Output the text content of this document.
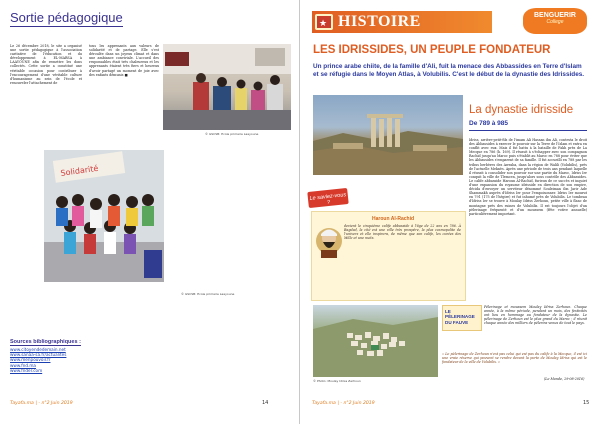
Sortie pédagogique
Le 26 décembre 2018, le site a organisé une sortie pédagogique à l'association caritative de l'éducation et du développement à EL-MARSA à LAAYOUNE afin de remettre les dons collectés. Cette sortie a constitué une véritable occasion pour contribuer à l'encouragement d'une véritable culture d'humanisme au sein de l'école et renouveler l'attachement de
tous les apprenants aux valeurs de solidarité et de partage. Elle s'est déroulée dans un joyeux climat et dans une ambiance conviviale. L'accueil des responsables était très chaleureux et les apprenants étaient très fiers et heureux d'avoir partagé un moment de joie avec des enfants démunis ■
© GSCSB: Ecole primaire Laayoune
Solidarité
© GSCSB: Ecole primaire Laayoune
Sources bibliographiques :
www.citoyendedemain.net
www.sanaa-sa.fr/actualites
www.menpouvoir.fr
www.fnd.ma
www.fnder.com
Tayafa.ma | - n°2 Juin 2019	14
★ HISTOIRE	BENGUERIR
College
LES IDRISSIDES, UN PEUPLE FONDATEUR
Un prince arabe chiite, de la famille d'Ali, fuit la menace des Abbassides en Terre d'Islam et se réfugie dans le Moyen Atlas, à Volubilis. C'est le début de la dynastie des Idrissides.
La dynastie idrisside
De 789 à 985
Le saviez-vous ?
Haroun Al-Rachid
devient le cinquième calife abbasside à l'âge de 22 ans en 786. À Bagdad, la cité est une ville très prospère, la plus cosmopolite de l'univers et elle inspirera, de même que son calife, les contes des Mille et une nuits.
Idriss, arrière-petit-fils de l'imam Ali Hassan ibn Ali, contesta le droit des Abbassides à exercer le pouvoir sur la Terre de l'Islam et entra en conflit avec eux. Mais il fut battu à la bataille de Fakh près de La Mecque en 786 (h. 169). Il réussit à s'échapper avec son compagnon Rachid jusqu'au Maroc puis s'établit au Maroc en 788 pour éviter que les Abbassides s'emparent de sa famille. Il fut accueilli en 788 par les tribus berbères des Awraba, dans la région de Walili (Volubilis), près de l'actuelle Meknès. Après une période de trois ans pendant laquelle il réussit à consolider son pouvoir sur une partie du Maroc, Idriss Ier conquit la ville de Tlemcen, jusqu'alors sous contrôle des Abbassides. Le calife abbasside Haroun Al-Rachid, furieux de ce succès et inquiet d'une expansion du royaume idrisside en direction de son empire, décida d'envoyer un serviteur dénommé Souleiman ibn Jarir Ade Shammakh auprès d'Idriss Ier pour l'empoisonner. Idriss Ier mourut en 791 (175 de l'hégire) et fut inhumé près de Volubilis. Le tombeau d'Idriss Ier se trouve à Moulay Idriss Zerhoun, petite ville à flanc de montagne près des ruines de Volubilis. Il est toujours l'objet d'un pèlerinage fréquenté et d'un moussem (fête votive annuelle) particulièrement important.
© Photo: Moulay Idriss Zerhoun
LE PÈLERINAGE DU FAUVE
Pèlerinage et moussem Moulay Idriss Zerhoun. Chaque année, à la même période, pendant un mois, des festivités ont lieu en hommage au fondateur de la dynastie. Le pèlerinage de Zerhoun est le plus grand du Maroc ; il réunit chaque année des milliers de pèlerins venus de tout le pays.
« Le pèlerinage de Zerhoun n'est pas celui qui est pas du calife à la Mecque, il est ici une vraie réserve qui peuvent se rendre devant la porte de Moulay Idriss qui est le fondateur de la ville de Volubilis. »
(Le Monde, 29-08-2016)
Tayafa.ma | - n°2 Juin 2019	15
